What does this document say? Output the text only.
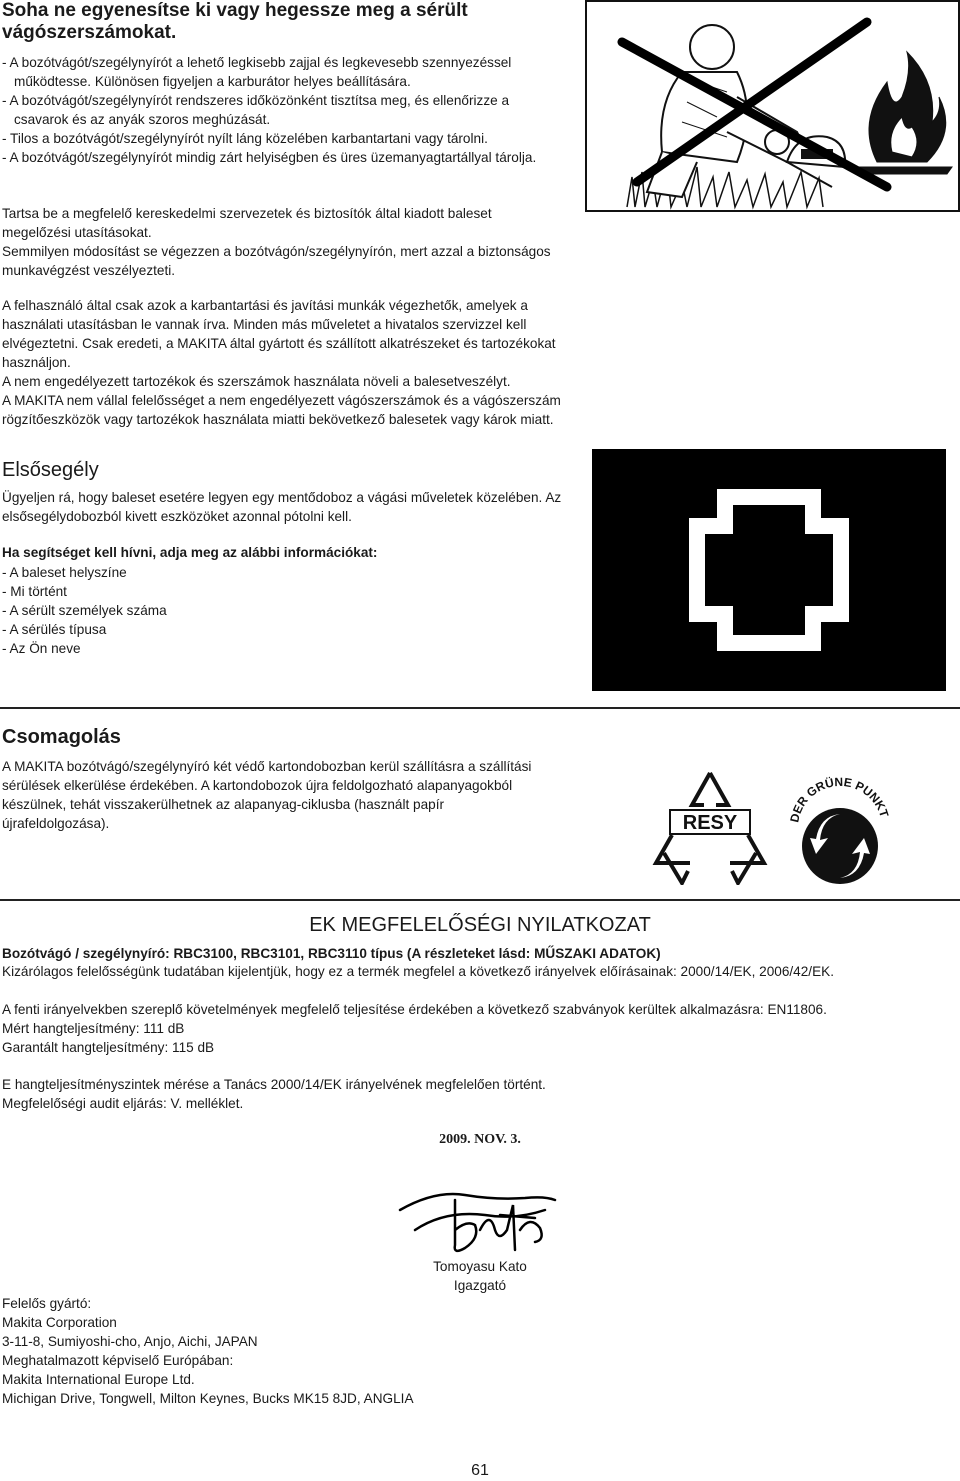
Soha ne egyenesítse ki vagy hegessze meg a sérült vágószerszámokat.
- A bozótvágót/szegélynyírót a lehető legkisebb zajjal és legkevesebb szennyezéssel működtesse. Különösen figyeljen a karburátor helyes beállítására.
- A bozótvágót/szegélynyírót rendszeres időközönként tisztítsa meg, és ellenőrizze a csavarok és az anyák szoros meghúzását.
- Tilos a bozótvágót/szegélynyírót nyílt láng közelében karbantartani vagy tárolni.
- A bozótvágót/szegélynyírót mindig zárt helyiségben és üres üzemanyagtartállyal tárolja.

Tartsa be a megfelelő kereskedelmi szervezetek és biztosítók által kiadott baleset megelőzési utasításokat.

Semmilyen módosítást se végezzen a bozótvágón/szegélynyírón, mert azzal a biztonságos munkavégzést veszélyezteti.

A felhasználó által csak azok a karbantartási és javítási munkák végezhetők, amelyek a használati utasításban le vannak írva. Minden más műveletet a hivatalos szervizzel kell elvégeztetni. Csak eredeti, a MAKITA által gyártott és szállított alkatrészeket és tartozékokat használjon.

A nem engedélyezett tartozékok és szerszámok használata növeli a balesetveszélyt.

A MAKITA nem vállal felelősséget a nem engedélyezett vágószerszámok és a vágószerszám rögzítőeszközök vagy tartozékok használata miatti bekövetkező balesetek vagy károk miatt.

Elsősegély
Ügyeljen rá, hogy baleset esetére legyen egy mentődoboz a vágási műveletek közelében. Az elsősegélydobozból kivett eszközöket azonnal pótolni kell.
Ha segítséget kell hívni, adja meg az alábbi információkat:

- A baleset helyszíne

- Mi történt

- A sérült személyek száma

- A sérülés típusa

- Az Ön neve

Csomagolás
A MAKITA bozótvágó/szegélynyíró két védő kartondobozban kerül szállításra a szállítási sérülések elkerülése érdekében. A kartondobozok újra feldolgozható alapanyagokból készülnek, tehát visszakerülhetnek az alapanyag-ciklusba (használt papír újrafeldolgozása).	RESY	DER GRÜNE PUNKT
EK MEGFELELŐSÉGI NYILATKOZAT
Bozótvágó / szegélynyíró: RBC3100, RBC3101, RBC3110 típus (A részleteket lásd: MŰSZAKI ADATOK)
Kizárólagos felelősségünk tudatában kijelentjük, hogy ez a termék megfelel a következő irányelvek előírásainak: 2000/14/EK, 2006/42/EK.
A fenti irányelvekben szereplő követelmények megfelelő teljesítése érdekében a következő szabványok kerültek alkalmazásra: EN11806.
Mért hangteljesítmény: 111 dB
Garantált hangteljesítmény: 115 dB
E hangteljesítményszintek mérése a Tanács 2000/14/EK irányelvének megfelelően történt.
Megfelelőségi audit eljárás: V. melléklet.
2009. NOV. 3.
Tomoyasu Kato
Igazgató

Felelős gyártó:

Makita Corporation

3-11-8, Sumiyoshi-cho, Anjo, Aichi, JAPAN

Meghatalmazott képviselő Európában:

Makita International Europe Ltd.

Michigan Drive, Tongwell, Milton Keynes, Bucks MK15 8JD, ANGLIA

61
